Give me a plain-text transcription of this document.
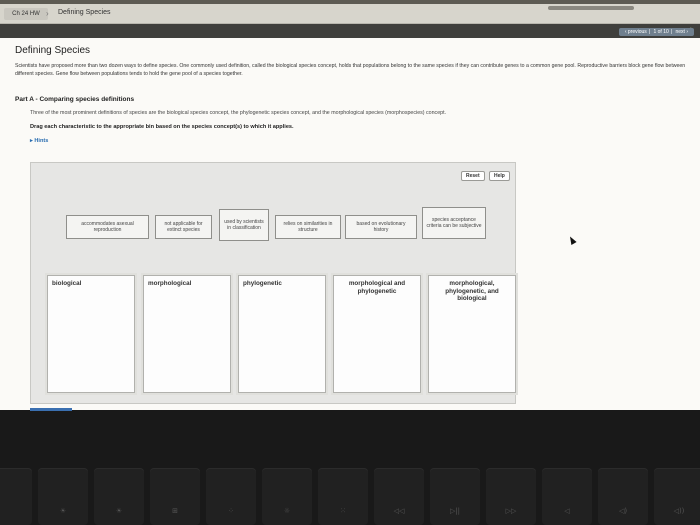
Ch 24 HW › Defining Species
‹ previous | 1 of 10 | next ›
Defining Species
Scientists have proposed more than two dozen ways to define species. One commonly used definition, called the biological species concept, holds that populations belong to the same species if they can contribute genes to a common gene pool. Reproductive barriers block gene flow between different species. Gene flow between populations tends to hold the gene pool of a species together.
Part A - Comparing species definitions
Three of the most prominent definitions of species are the biological species concept, the phylogenetic species concept, and the morphological species (morphospecies) concept.
Drag each characteristic to the appropriate bin based on the species concept(s) to which it applies.
▸ Hints
Reset	Help
accommodates asexual reproduction
not applicable for extinct species
used by scientists in classification
relies on similarities in structure
based on evolutionary history
species acceptance criteria can be subjective
biological	morphological	phylogenetic	morphological and phylogenetic
morphological, phylogenetic, and biological
☀	☀	⊞	⁘	☼	⁙	◁◁	▷||	▷▷	◁	◁)	◁))
